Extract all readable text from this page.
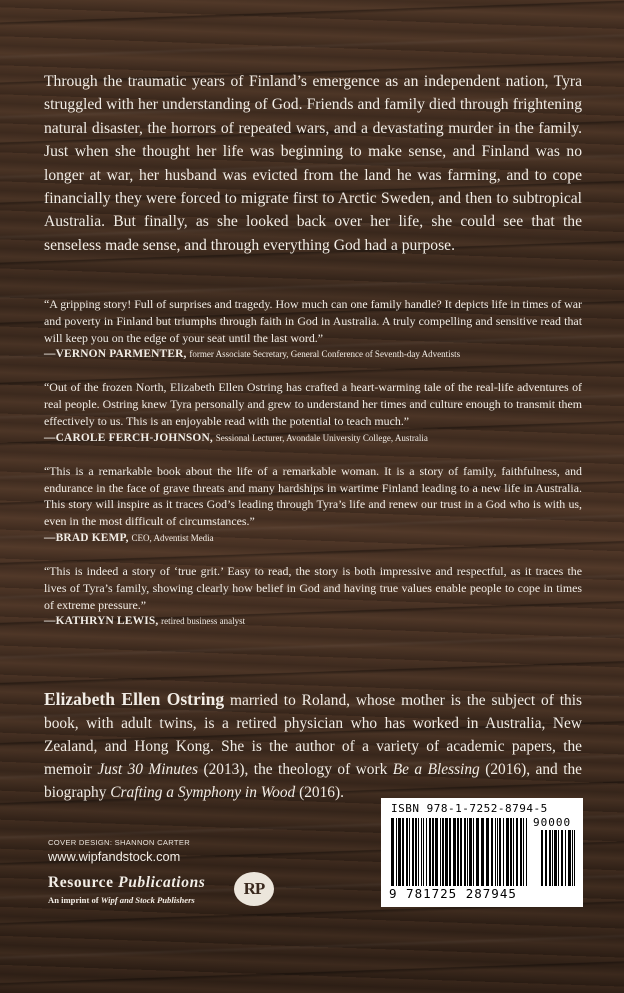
Through the traumatic years of Finland’s emergence as an independent nation, Tyra struggled with her understanding of God. Friends and family died through frightening natural disaster, the horrors of repeated wars, and a devastating murder in the family. Just when she thought her life was beginning to make sense, and Finland was no longer at war, her husband was evicted from the land he was farming, and to cope financially they were forced to migrate first to Arctic Sweden, and then to subtropical Australia. But finally, as she looked back over her life, she could see that the senseless made sense, and through everything God had a purpose.

“A gripping story! Full of surprises and tragedy. How much can one family handle? It depicts life in times of war and poverty in Finland but triumphs through faith in God in Australia. A truly compelling and sensitive read that will keep you on the edge of your seat until the last word.”

—VERNON PARMENTER, former Associate Secretary, General Conference of Seventh-day Adventists

“Out of the frozen North, Elizabeth Ellen Ostring has crafted a heart-warming tale of the real-life adventures of real people. Ostring knew Tyra personally and grew to understand her times and culture enough to transmit them effectively to us. This is an enjoyable read with the potential to teach much.”

—CAROLE FERCH-JOHNSON, Sessional Lecturer, Avondale University College, Australia

“This is a remarkable book about the life of a remarkable woman. It is a story of family, faithfulness, and endurance in the face of grave threats and many hardships in wartime Finland leading to a new life in Australia. This story will inspire as it traces God’s leading through Tyra’s life and renew our trust in a God who is with us, even in the most difficult of circumstances.”

—BRAD KEMP, CEO, Adventist Media

“This is indeed a story of ‘true grit.’ Easy to read, the story is both impressive and respectful, as it traces the lives of Tyra’s family, showing clearly how belief in God and having true values enable people to cope in times of extreme pressure.”

—KATHRYN LEWIS, retired business analyst

Elizabeth Ellen Ostring married to Roland, whose mother is the subject of this book, with adult twins, is a retired physician who has worked in Australia, New Zealand, and Hong Kong. She is the author of a variety of academic papers, the memoir Just 30 Minutes (2013), the theology of work Be a Blessing (2016), and the biography Crafting a Symphony in Wood (2016).

COVER DESIGN: SHANNON CARTER
www.wipfandstock.com
Resource Publications
An imprint of Wipf and Stock Publishers
RP
ISBN 978-1-7252-8794-5
90000
9 781725 287945
